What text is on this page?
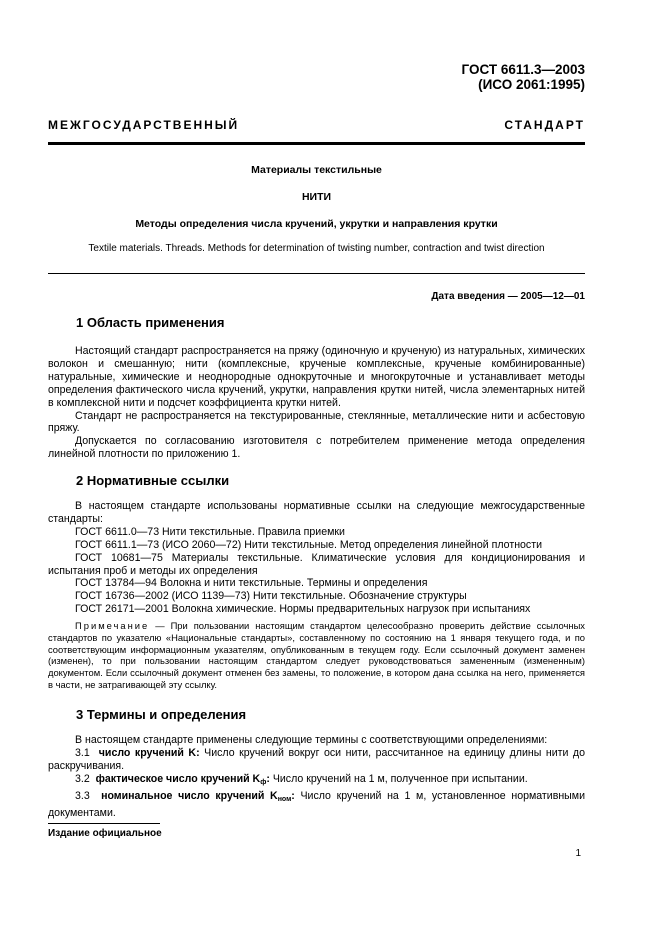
ГОСТ 6611.3—2003
(ИСО 2061:1995)

МЕЖГОСУДАРСТВЕННЫЙ	СТАНДАРТ

Материалы текстильные

НИТИ

Методы определения числа кручений, укрутки и направления крутки

Textile materials. Threads. Methods for determination of twisting number, contraction and twist direction

Дата введения — 2005—12—01

1 Область применения

Настоящий стандарт распространяется на пряжу (одиночную и крученую) из натуральных, химических волокон и смешанную; нити (комплексные, крученые комплексные, крученые комбинированные) натуральные, химические и неоднородные однокруточные и многокруточные и устанавливает методы определения фактического числа кручений, укрутки, направления крутки нитей, числа элементарных нитей в комплексной нити и подсчет коэффициента крутки нитей.

Стандарт не распространяется на текстурированные, стеклянные, металлические нити и асбестовую пряжу.

Допускается по согласованию изготовителя с потребителем применение метода определения линейной плотности по приложению 1.

2 Нормативные ссылки

В настоящем стандарте использованы нормативные ссылки на следующие межгосударственные стандарты:

ГОСТ 6611.0—73 Нити текстильные. Правила приемки

ГОСТ 6611.1—73 (ИСО 2060—72) Нити текстильные. Метод определения линейной плотности

ГОСТ 10681—75 Материалы текстильные. Климатические условия для кондиционирования и испытания проб и методы их определения

ГОСТ 13784—94 Волокна и нити текстильные. Термины и определения

ГОСТ 16736—2002 (ИСО 1139—73) Нити текстильные. Обозначение структуры

ГОСТ 26171—2001 Волокна химические. Нормы предварительных нагрузок при испытаниях

Примечание — При пользовании настоящим стандартом целесообразно проверить действие ссылочных стандартов по указателю «Национальные стандарты», составленному по состоянию на 1 января текущего года, и по соответствующим информационным указателям, опубликованным в текущем году. Если ссылочный документ заменен (изменен), то при пользовании настоящим стандартом следует руководствоваться замененным (измененным) документом. Если ссылочный документ отменен без замены, то положение, в котором дана ссылка на него, применяется в части, не затрагивающей эту ссылку.

3 Термины и определения

В настоящем стандарте применены следующие термины с соответствующими определениями:

3.1 число кручений K: Число кручений вокруг оси нити, рассчитанное на единицу длины нити до раскручивания.

3.2 фактическое число кручений $K_ф$: Число кручений на 1 м, полученное при испытании.

3.3 номинальное число кручений $K_{ном}$: Число кручений на 1 м, установленное нормативными документами.

Издание официальное
1
